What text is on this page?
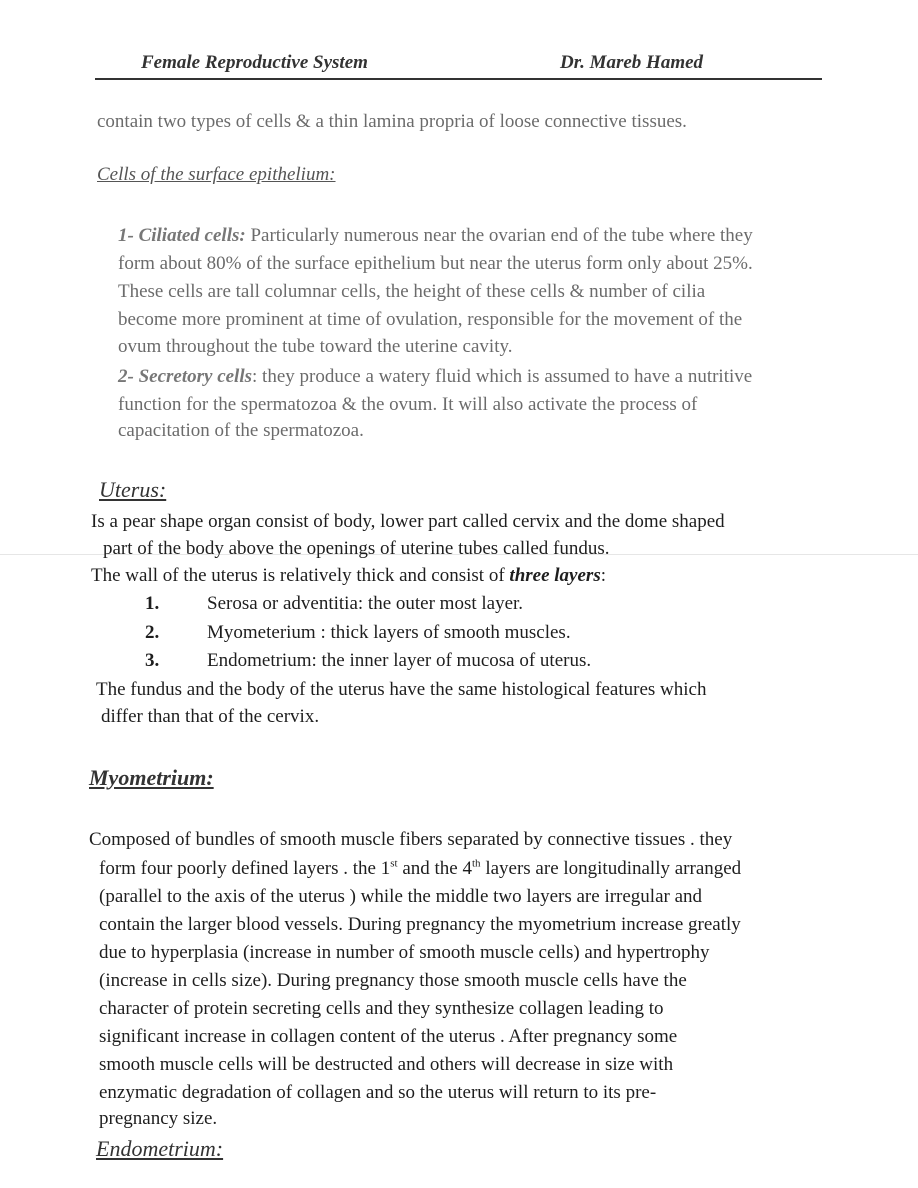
Female Reproductive System	Dr. Mareb Hamed
contain two types of cells & a thin lamina propria of loose connective tissues.
Cells of the surface epithelium:
1- Ciliated cells: Particularly numerous near the ovarian end of the tube where they
form about 80% of the surface epithelium but near the uterus form only about 25%.
These cells are tall columnar cells, the height of these cells & number of cilia
become more prominent at time of ovulation, responsible for the movement of the
ovum throughout the tube toward the uterine cavity.
2- Secretory cells: they produce a watery fluid which is assumed to have a nutritive
function for the spermatozoa & the ovum. It will also activate the process of
capacitation of the spermatozoa.
Uterus:
Is a pear shape organ consist of body, lower part called cervix and the dome shaped
part of the body above the openings of uterine tubes called fundus.
The wall of the uterus is relatively thick and consist of three layers:
1.	Serosa or adventitia: the outer most layer.
2.	Myometerium : thick layers of smooth muscles.
3.	Endometrium: the inner layer of mucosa of uterus.
The fundus and the body of the uterus have the same histological features which
differ than that of the cervix.
Myometrium:
Composed of bundles of smooth muscle fibers separated by connective tissues . they
form four poorly defined layers . the 1st and the 4th layers are longitudinally arranged
(parallel to the axis of the uterus ) while the middle two layers are irregular and
contain the larger blood vessels. During pregnancy the myometrium increase greatly
due to hyperplasia (increase in number of smooth muscle cells) and hypertrophy
(increase in cells size). During pregnancy those smooth muscle cells have the
character of protein secreting cells and they synthesize collagen leading to
significant increase in collagen content of the uterus . After pregnancy some
smooth muscle cells will be destructed and others will decrease in size with
enzymatic degradation of collagen and so the uterus will return to its pre-
pregnancy size.
Endometrium:
